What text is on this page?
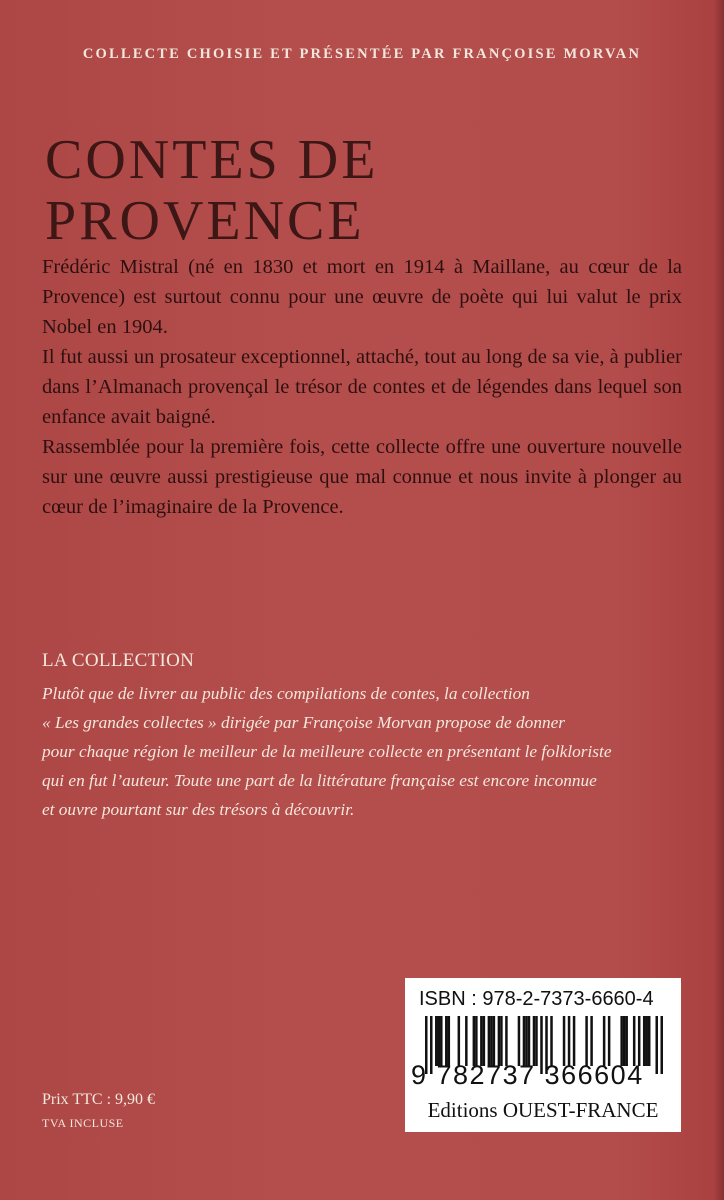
COLLECTE CHOISIE ET PRÉSENTÉE PAR FRANÇOISE MORVAN
CONTES DE
PROVENCE

Frédéric Mistral (né en 1830 et mort en 1914 à Maillane, au cœur de la Provence) est surtout connu pour une œuvre de poète qui lui valut le prix Nobel en 1904.

Il fut aussi un prosateur exceptionnel, attaché, tout au long de sa vie, à publier dans l’Almanach provençal le trésor de contes et de légendes dans lequel son enfance avait baigné.

Rassemblée pour la première fois, cette collecte offre une ouverture nouvelle sur une œuvre aussi prestigieuse que mal connue et nous invite à plonger au cœur de l’imaginaire de la Provence.

LA COLLECTION
Plutôt que de livrer au public des compilations de contes, la collection
« Les grandes collectes » dirigée par Françoise Morvan propose de donner
pour chaque région le meilleur de la meilleure collecte en présentant le folkloriste
qui en fut l’auteur. Toute une part de la littérature française est encore inconnue
et ouvre pourtant sur des trésors à découvrir.
Prix TTC : 9,90 €
TVA INCLUSE
ISBN : 978-2-7373-6660-4
9 782737 366604
Editions OUEST-FRANCE
